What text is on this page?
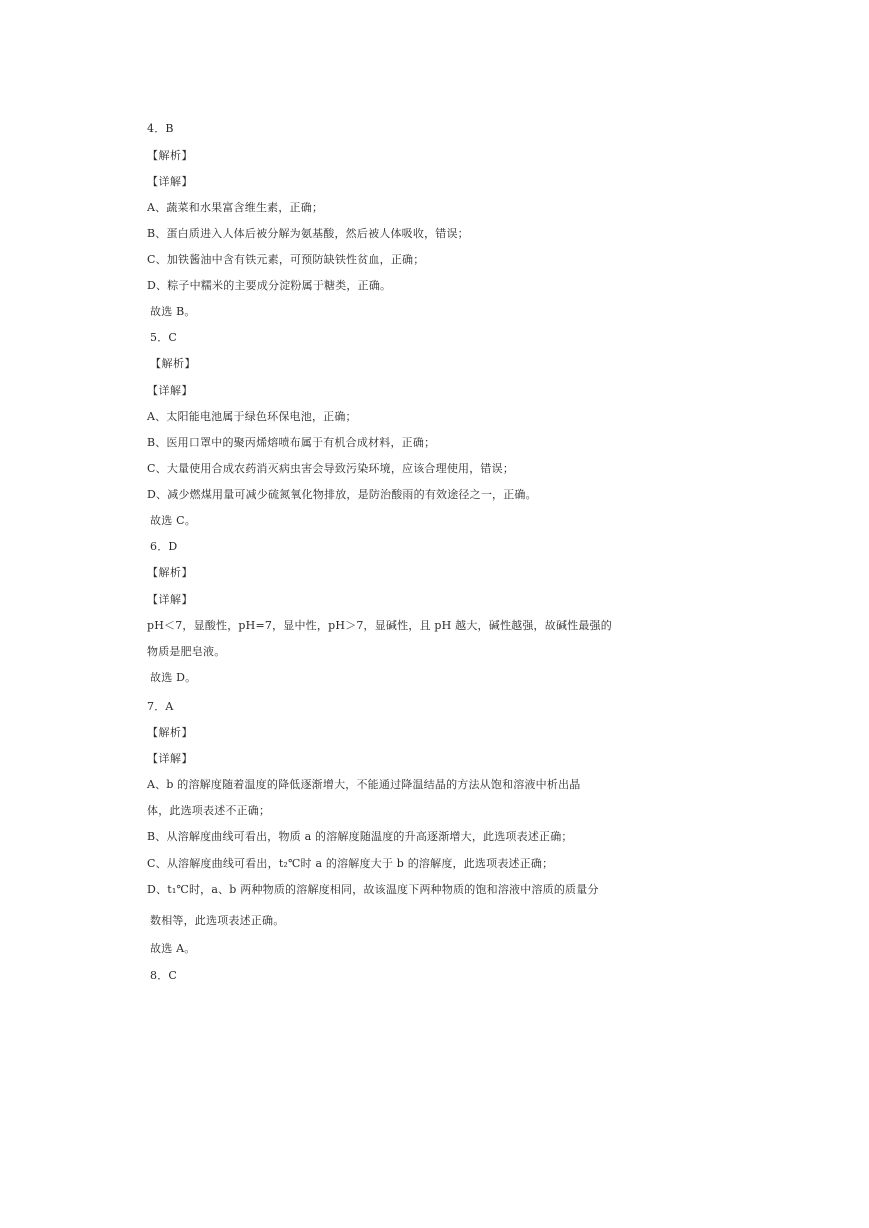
4．B
【解析】
【详解】
A、蔬菜和水果富含维生素，正确；
B、蛋白质进入人体后被分解为氨基酸，然后被人体吸收，错误；
C、加铁酱油中含有铁元素，可预防缺铁性贫血，正确；
D、粽子中糯米的主要成分淀粉属于糖类，正确。
故选 B。
5．C
【解析】
【详解】
A、太阳能电池属于绿色环保电池，正确；
B、医用口罩中的聚丙烯熔喷布属于有机合成材料，正确；
C、大量使用合成农药消灭病虫害会导致污染环境，应该合理使用，错误；
D、减少燃煤用量可减少硫氮氧化物排放，是防治酸雨的有效途径之一，正确。
故选 C。
6．D
【解析】
【详解】
pH＜7，显酸性，pH=7，显中性，pH＞7，显碱性，且 pH 越大，碱性越强，故碱性最强的
物质是肥皂液。
故选 D。
7．A
【解析】
【详解】
A、b 的溶解度随着温度的降低逐渐增大，不能通过降温结晶的方法从饱和溶液中析出晶
体，此选项表述不正确；
B、从溶解度曲线可看出，物质 a 的溶解度随温度的升高逐渐增大，此选项表述正确；
C、从溶解度曲线可看出，t₂℃时 a 的溶解度大于 b 的溶解度，此选项表述正确；
D、t₁℃时，a、b 两种物质的溶解度相同，故该温度下两种物质的饱和溶液中溶质的质量分
数相等，此选项表述正确。
故选 A。
8．C
